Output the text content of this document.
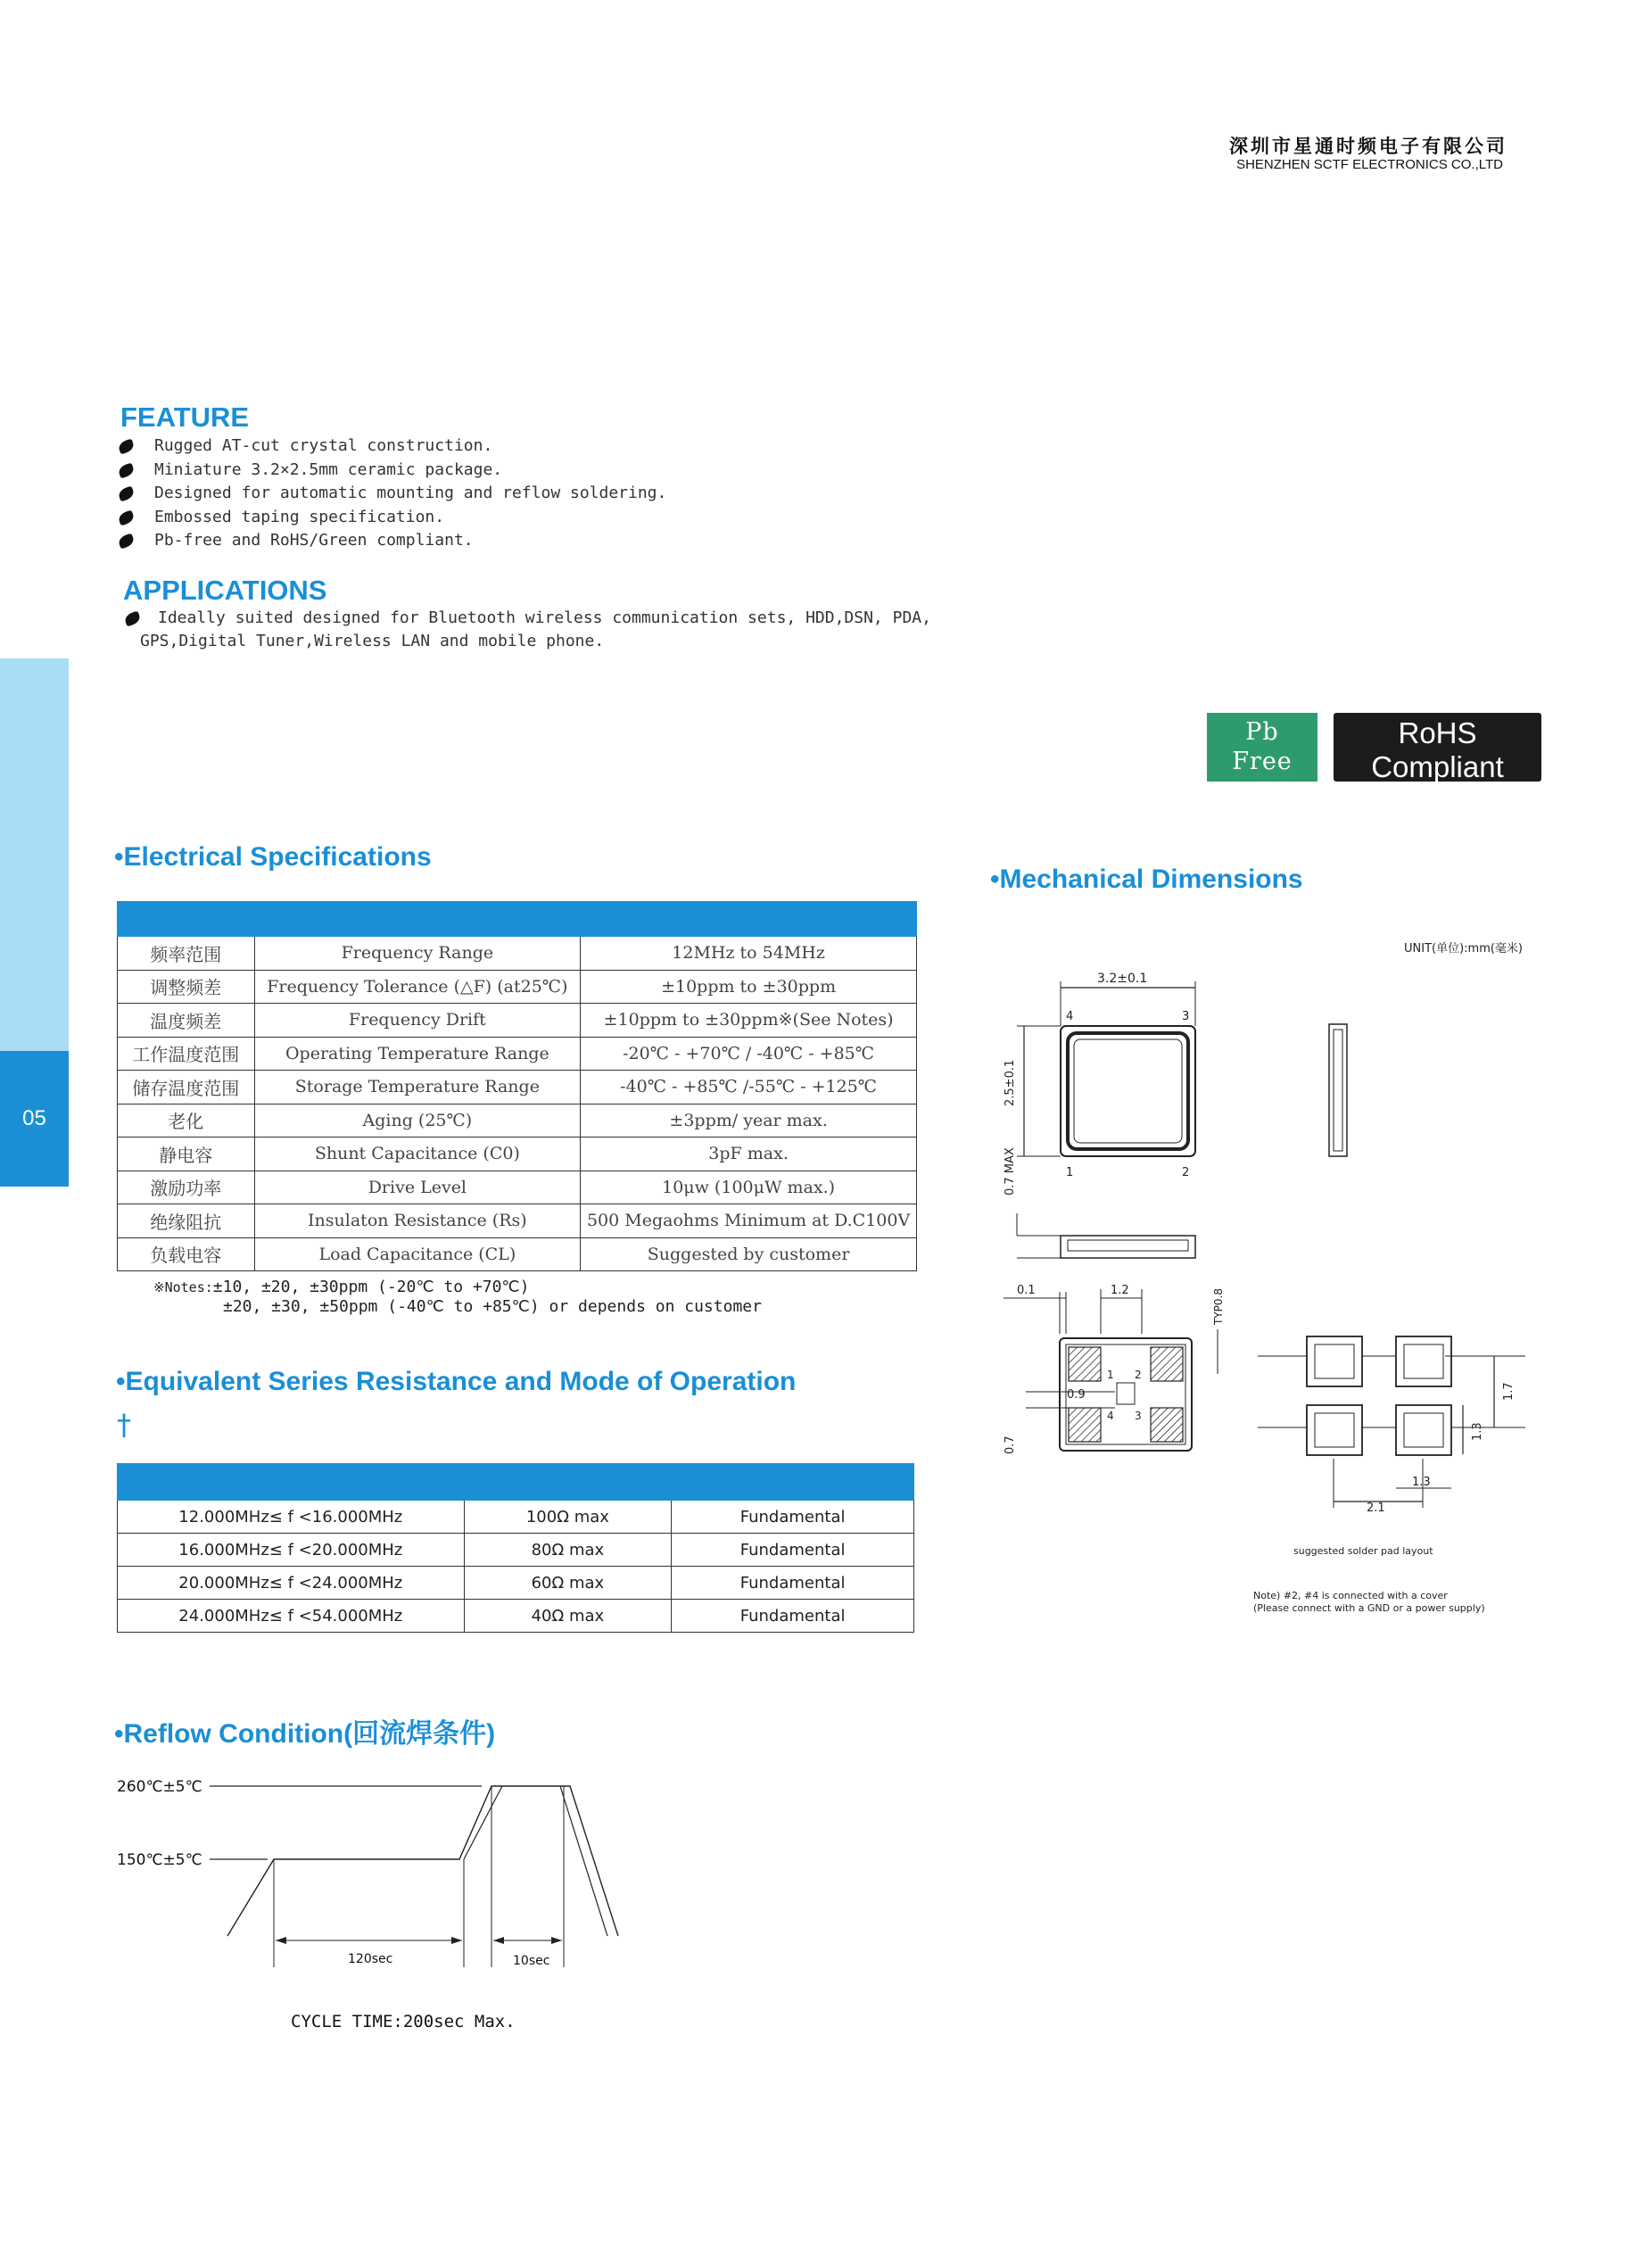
深圳市星通时频电子有限公司
SHENZHEN SCTF ELECTRONICS CO.,LTD
05
FEATURE
Rugged AT-cut crystal construction.
Miniature 3.2×2.5mm ceramic package.
Designed for automatic mounting and reflow soldering.
Embossed taping specification.
Pb-free and RoHS/Green compliant.
APPLICATIONS
Ideally suited designed for Bluetooth wireless communication sets, HDD,DSN, PDA,
GPS,Digital Tuner,Wireless LAN and mobile phone.
Pb
Free
RoHS Compliant
Directive 2002/95/EC
•Electrical Specifications

频率范围	Frequency Range	12MHz to 54MHz
调整频差	Frequency Tolerance (△F) (at25℃)	±10ppm to ±30ppm
温度频差	Frequency Drift	±10ppm to ±30ppm※(See Notes)
工作温度范围	Operating Temperature Range	-20℃ - +70℃ / -40℃ - +85℃
储存温度范围	Storage Temperature Range	-40℃ - +85℃ /-55℃ - +125℃
老化	Aging (25℃)	±3ppm/ year max.
静电容	Shunt Capacitance (C0)	3pF max.
激励功率	Drive Level	10μw (100μW max.)
绝缘阻抗	Insulaton Resistance (Rs)	500 Megaohms Minimum at D.C100V
负载电容	Load Capacitance (CL)	Suggested by customer
※Notes:±10, ±20, ±30ppm (-20℃ to +70℃)
±20, ±30, ±50ppm (-40℃ to +85℃) or depends on customer
•Equivalent Series Resistance and Mode of Operation
†

12.000MHz≤ f <16.000MHz	100Ω max	Fundamental
16.000MHz≤ f <20.000MHz	80Ω max	Fundamental
20.000MHz≤ f <24.000MHz	60Ω max	Fundamental
24.000MHz≤ f <54.000MHz	40Ω max	Fundamental
•Mechanical Dimensions
UNIT(单位):mm(毫米)
3.2±0.1
4	3
1	2
2.5±0.1
0.7 MAX
0.1	1.2	TYP0.8
1 2
4 3
0.9
0.7
1.7
1.3
2.1
1.3
suggested solder pad layout
Note) #2, #4 is connected with a cover
(Please connect with a GND or a power supply)
•Reflow Condition(回流焊条件)
260℃±5℃
150℃±5℃
120sec	10sec
CYCLE TIME:200sec Max.
